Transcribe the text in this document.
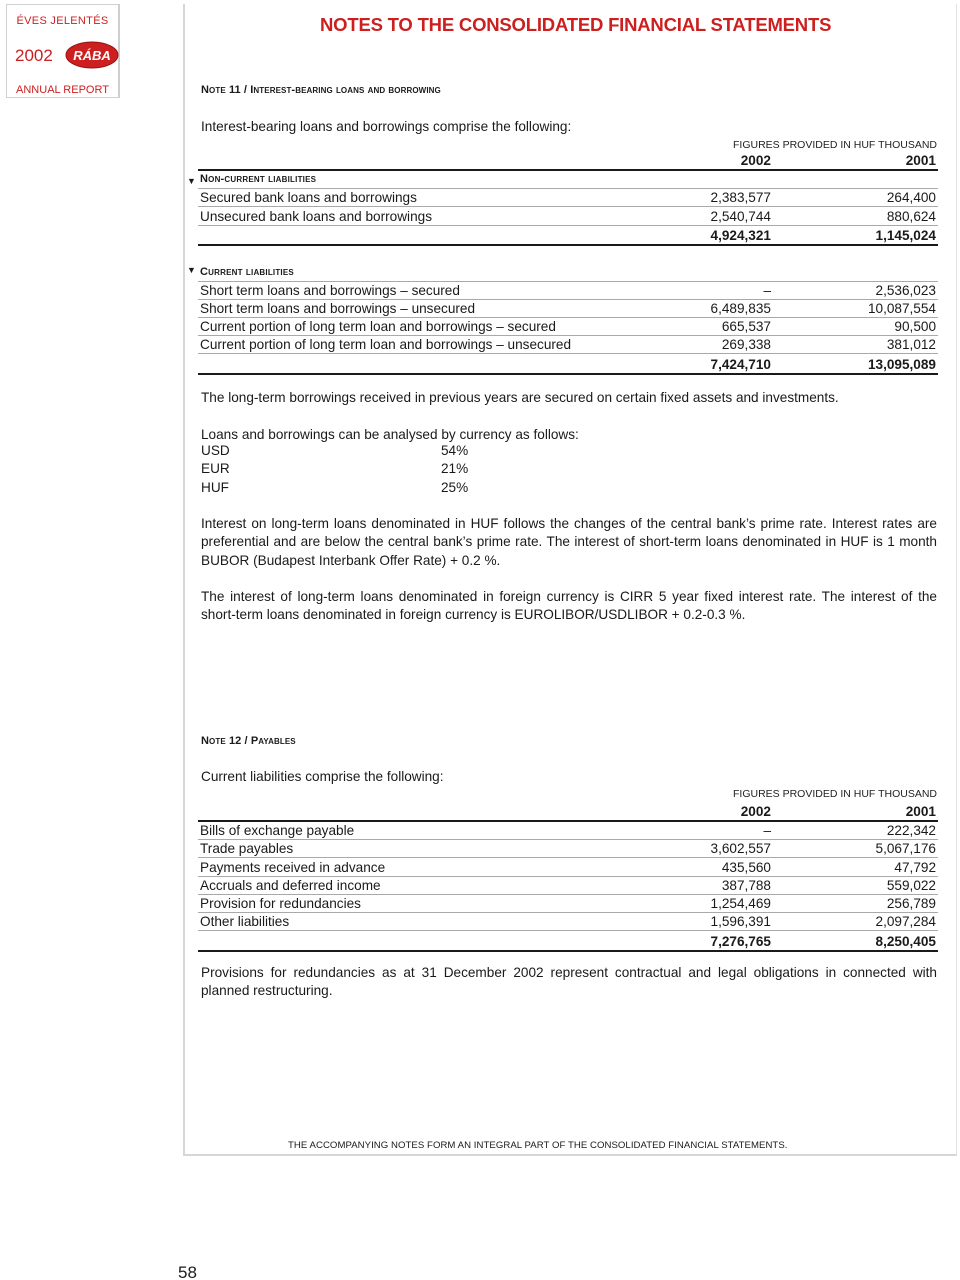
ÉVES JELENTÉS
2002 RÁBA
ANNUAL REPORT
NOTES TO THE CONSOLIDATED FINANCIAL STATEMENTS
Note 11 / Interest-bearing loans and borrowing
Interest-bearing loans and borrowings comprise the following:
FIGURES PROVIDED IN HUF THOUSAND
▼
	2002	2001
Non-current liabilities		
Secured bank loans and borrowings	2,383,577	264,400
Unsecured bank loans and borrowings	2,540,744	880,624
	4,924,321	1,145,024
▼ Current liabilities		
Short term loans and borrowings – secured	–	2,536,023
Short term loans and borrowings – unsecured	6,489,835	10,087,554
Current portion of long term loan and borrowings – secured	665,537	90,500
Current portion of long term loan and borrowings – unsecured	269,338	381,012
	7,424,710	13,095,089
The long-term borrowings received in previous years are secured on certain fixed assets and investments.
Loans and borrowings can be analysed by currency as follows:
USD	54%
EUR	21%
HUF	25%
Interest on long-term loans denominated in HUF follows the changes of the central bank’s prime rate. Interest rates are preferential and are below the central bank’s prime rate. The interest of short-term loans denominated in HUF is 1 month BUBOR (Budapest Interbank Offer Rate) + 0.2 %.
The interest of long-term loans denominated in foreign currency is CIRR 5 year fixed interest rate. The interest of the short-term loans denominated in foreign currency is EUROLIBOR/USDLIBOR + 0.2-0.3 %.
Note 12 / Payables
Current liabilities comprise the following:
FIGURES PROVIDED IN HUF THOUSAND
	2002	2001
Bills of exchange payable	–	222,342
Trade payables	3,602,557	5,067,176
Payments received in advance	435,560	47,792
Accruals and deferred income	387,788	559,022
Provision for redundancies	1,254,469	256,789
Other liabilities	1,596,391	2,097,284
	7,276,765	8,250,405
Provisions for redundancies as at 31 December 2002 represent contractual and legal obligations in connected with planned restructuring.
THE ACCOMPANYING NOTES FORM AN INTEGRAL PART OF THE CONSOLIDATED FINANCIAL STATEMENTS.
58
